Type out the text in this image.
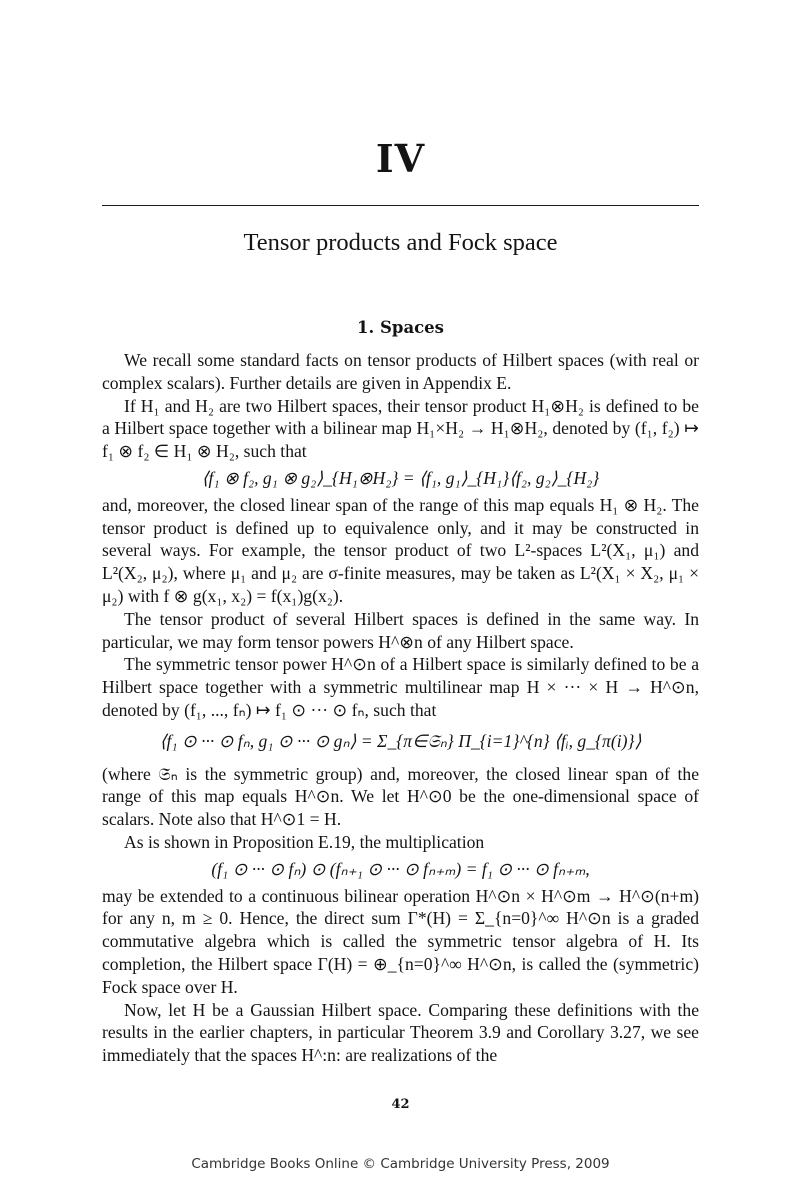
IV
Tensor products and Fock space
1. Spaces

We recall some standard facts on tensor products of Hilbert spaces (with real or complex scalars). Further details are given in Appendix E.

If H₁ and H₂ are two Hilbert spaces, their tensor product H₁⊗H₂ is defined to be a Hilbert space together with a bilinear map H₁×H₂ → H₁⊗H₂, denoted by (f₁, f₂) ↦ f₁ ⊗ f₂ ∈ H₁ ⊗ H₂, such that

⟨f₁ ⊗ f₂, g₁ ⊗ g₂⟩_{H₁⊗H₂} = ⟨f₁, g₁⟩_{H₁}⟨f₂, g₂⟩_{H₂}

and, moreover, the closed linear span of the range of this map equals H₁ ⊗ H₂. The tensor product is defined up to equivalence only, and it may be constructed in several ways. For example, the tensor product of two L²-spaces L²(X₁, μ₁) and L²(X₂, μ₂), where μ₁ and μ₂ are σ-finite measures, may be taken as L²(X₁ × X₂, μ₁ × μ₂) with f ⊗ g(x₁, x₂) = f(x₁)g(x₂).

The tensor product of several Hilbert spaces is defined in the same way. In particular, we may form tensor powers H^⊗n of any Hilbert space.

The symmetric tensor power H^⊙n of a Hilbert space is similarly defined to be a Hilbert space together with a symmetric multilinear map H × ··· × H → H^⊙n, denoted by (f₁, ..., fₙ) ↦ f₁ ⊙ ··· ⊙ fₙ, such that

⟨f₁ ⊙ ··· ⊙ fₙ, g₁ ⊙ ··· ⊙ gₙ⟩ = Σ_{π∈𝔖ₙ} Π_{i=1}^{n} ⟨fᵢ, g_{π(i)}⟩

(where 𝔖ₙ is the symmetric group) and, moreover, the closed linear span of the range of this map equals H^⊙n. We let H^⊙0 be the one-dimensional space of scalars. Note also that H^⊙1 = H.

As is shown in Proposition E.19, the multiplication

(f₁ ⊙ ··· ⊙ fₙ) ⊙ (fₙ₊₁ ⊙ ··· ⊙ fₙ₊ₘ) = f₁ ⊙ ··· ⊙ fₙ₊ₘ,

may be extended to a continuous bilinear operation H^⊙n × H^⊙m → H^⊙(n+m) for any n, m ≥ 0. Hence, the direct sum Γ*(H) = Σ_{n=0}^∞ H^⊙n is a graded commutative algebra which is called the symmetric tensor algebra of H. Its completion, the Hilbert space Γ(H) = ⊕_{n=0}^∞ H^⊙n, is called the (symmetric) Fock space over H.

Now, let H be a Gaussian Hilbert space. Comparing these definitions with the results in the earlier chapters, in particular Theorem 3.9 and Corollary 3.27, we see immediately that the spaces H^:n: are realizations of the

42
Cambridge Books Online © Cambridge University Press, 2009
